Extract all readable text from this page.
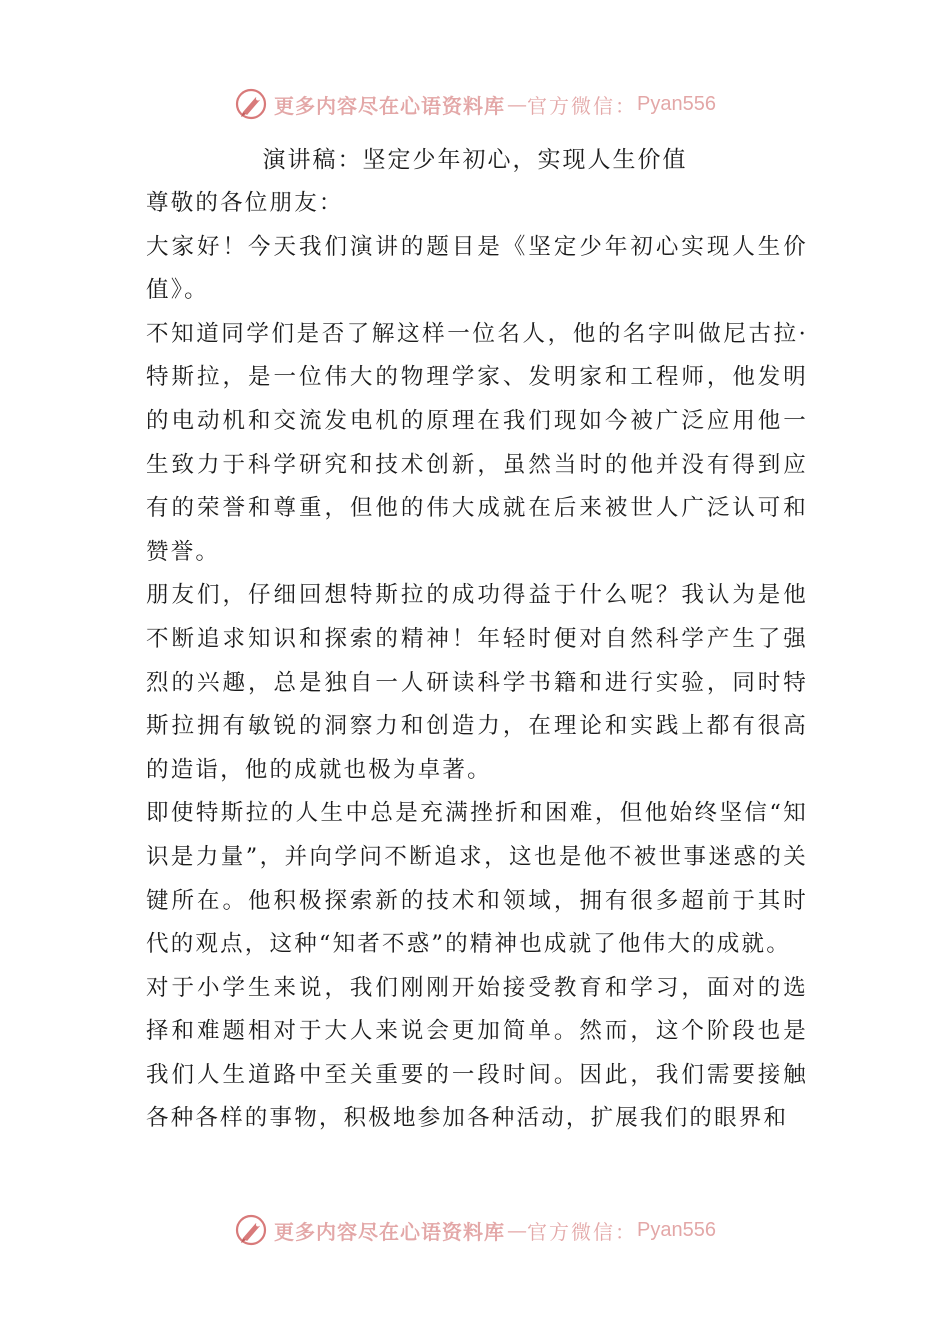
更多内容尽在心语资料库 — 官方微信： Pyan556
演讲稿：坚定少年初心，实现人生价值

尊敬的各位朋友：

大家好！今天我们演讲的题目是《坚定少年初心实现人生价值》。

不知道同学们是否了解这样一位名人，他的名字叫做尼古拉·特斯拉，是一位伟大的物理学家、发明家和工程师，他发明的电动机和交流发电机的原理在我们现如今被广泛应用他一生致力于科学研究和技术创新，虽然当时的他并没有得到应有的荣誉和尊重，但他的伟大成就在后来被世人广泛认可和赞誉。

朋友们，仔细回想特斯拉的成功得益于什么呢？我认为是他不断追求知识和探索的精神！年轻时便对自然科学产生了强烈的兴趣，总是独自一人研读科学书籍和进行实验，同时特斯拉拥有敏锐的洞察力和创造力，在理论和实践上都有很高的造诣，他的成就也极为卓著。

即使特斯拉的人生中总是充满挫折和困难，但他始终坚信“知识是力量”，并向学问不断追求，这也是他不被世事迷惑的关键所在。他积极探索新的技术和领域，拥有很多超前于其时代的观点，这种“知者不惑”的精神也成就了他伟大的成就。

对于小学生来说，我们刚刚开始接受教育和学习，面对的选择和难题相对于大人来说会更加简单。然而，这个阶段也是我们人生道路中至关重要的一段时间。因此，我们需要接触各种各样的事物，积极地参加各种活动，扩展我们的眼界和

更多内容尽在心语资料库 — 官方微信： Pyan556
